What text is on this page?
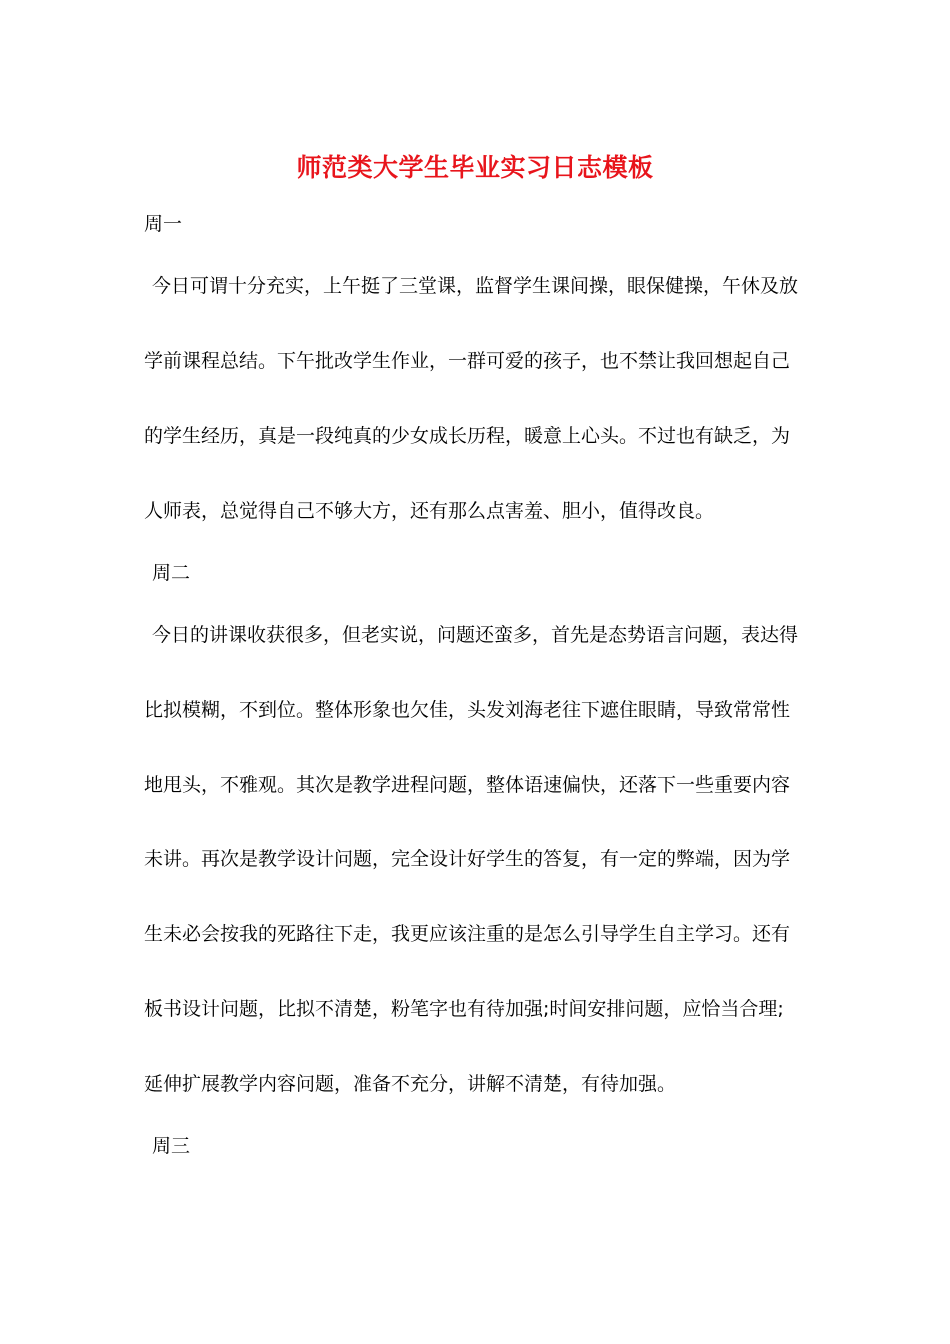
师范类大学生毕业实习日志模板
周一
今日可谓十分充实，上午挺了三堂课，监督学生课间操，眼保健操，午休及放
学前课程总结。下午批改学生作业，一群可爱的孩子，也不禁让我回想起自己
的学生经历，真是一段纯真的少女成长历程，暖意上心头。不过也有缺乏，为
人师表，总觉得自己不够大方，还有那么点害羞、胆小，值得改良。
周二
今日的讲课收获很多，但老实说，问题还蛮多，首先是态势语言问题，表达得
比拟模糊，不到位。整体形象也欠佳，头发刘海老往下遮住眼睛，导致常常性
地甩头，不雅观。其次是教学进程问题，整体语速偏快，还落下一些重要内容
未讲。再次是教学设计问题，完全设计好学生的答复，有一定的弊端，因为学
生未必会按我的死路往下走，我更应该注重的是怎么引导学生自主学习。还有
板书设计问题，比拟不清楚，粉笔字也有待加强;时间安排问题，应恰当合理;
延伸扩展教学内容问题，准备不充分，讲解不清楚，有待加强。
周三
